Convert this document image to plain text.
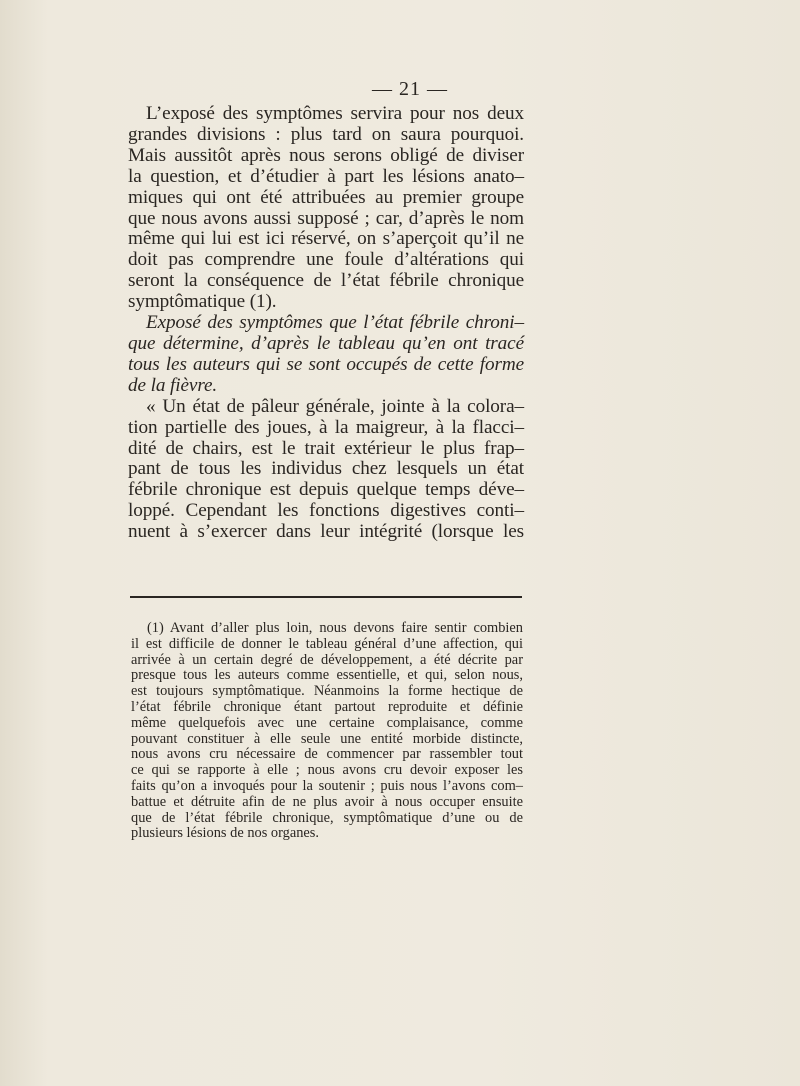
— 21 —
L’exposé des symptômes servira pour nos deux
grandes divisions : plus tard on saura pourquoi.
Mais aussitôt après nous serons obligé de diviser
la question, et d’étudier à part les lésions anato–
miques qui ont été attribuées au premier groupe
que nous avons aussi supposé ; car, d’après le nom
même qui lui est ici réservé, on s’aperçoit qu’il ne
doit pas comprendre une foule d’altérations qui
seront la conséquence de l’état fébrile chronique
symptômatique (1).
Exposé des symptômes que l’état fébrile chroni–
que détermine, d’après le tableau qu’en ont tracé
tous les auteurs qui se sont occupés de cette forme
de la fièvre.
« Un état de pâleur générale, jointe à la colora–
tion partielle des joues, à la maigreur, à la flacci–
dité de chairs, est le trait extérieur le plus frap–
pant de tous les individus chez lesquels un état
fébrile chronique est depuis quelque temps déve–
loppé. Cependant les fonctions digestives conti–
nuent à s’exercer dans leur intégrité (lorsque les
(1) Avant d’aller plus loin, nous devons faire sentir combien
il est difficile de donner le tableau général d’une affection, qui
arrivée à un certain degré de développement, a été décrite par
presque tous les auteurs comme essentielle, et qui, selon nous,
est toujours symptômatique. Néanmoins la forme hectique de
l’état fébrile chronique étant partout reproduite et définie
même quelquefois avec une certaine complaisance, comme
pouvant constituer à elle seule une entité morbide distincte,
nous avons cru nécessaire de commencer par rassembler tout
ce qui se rapporte à elle ; nous avons cru devoir exposer les
faits qu’on a invoqués pour la soutenir ; puis nous l’avons com–
battue et détruite afin de ne plus avoir à nous occuper ensuite
que de l’état fébrile chronique, symptômatique d’une ou de
plusieurs lésions de nos organes.
